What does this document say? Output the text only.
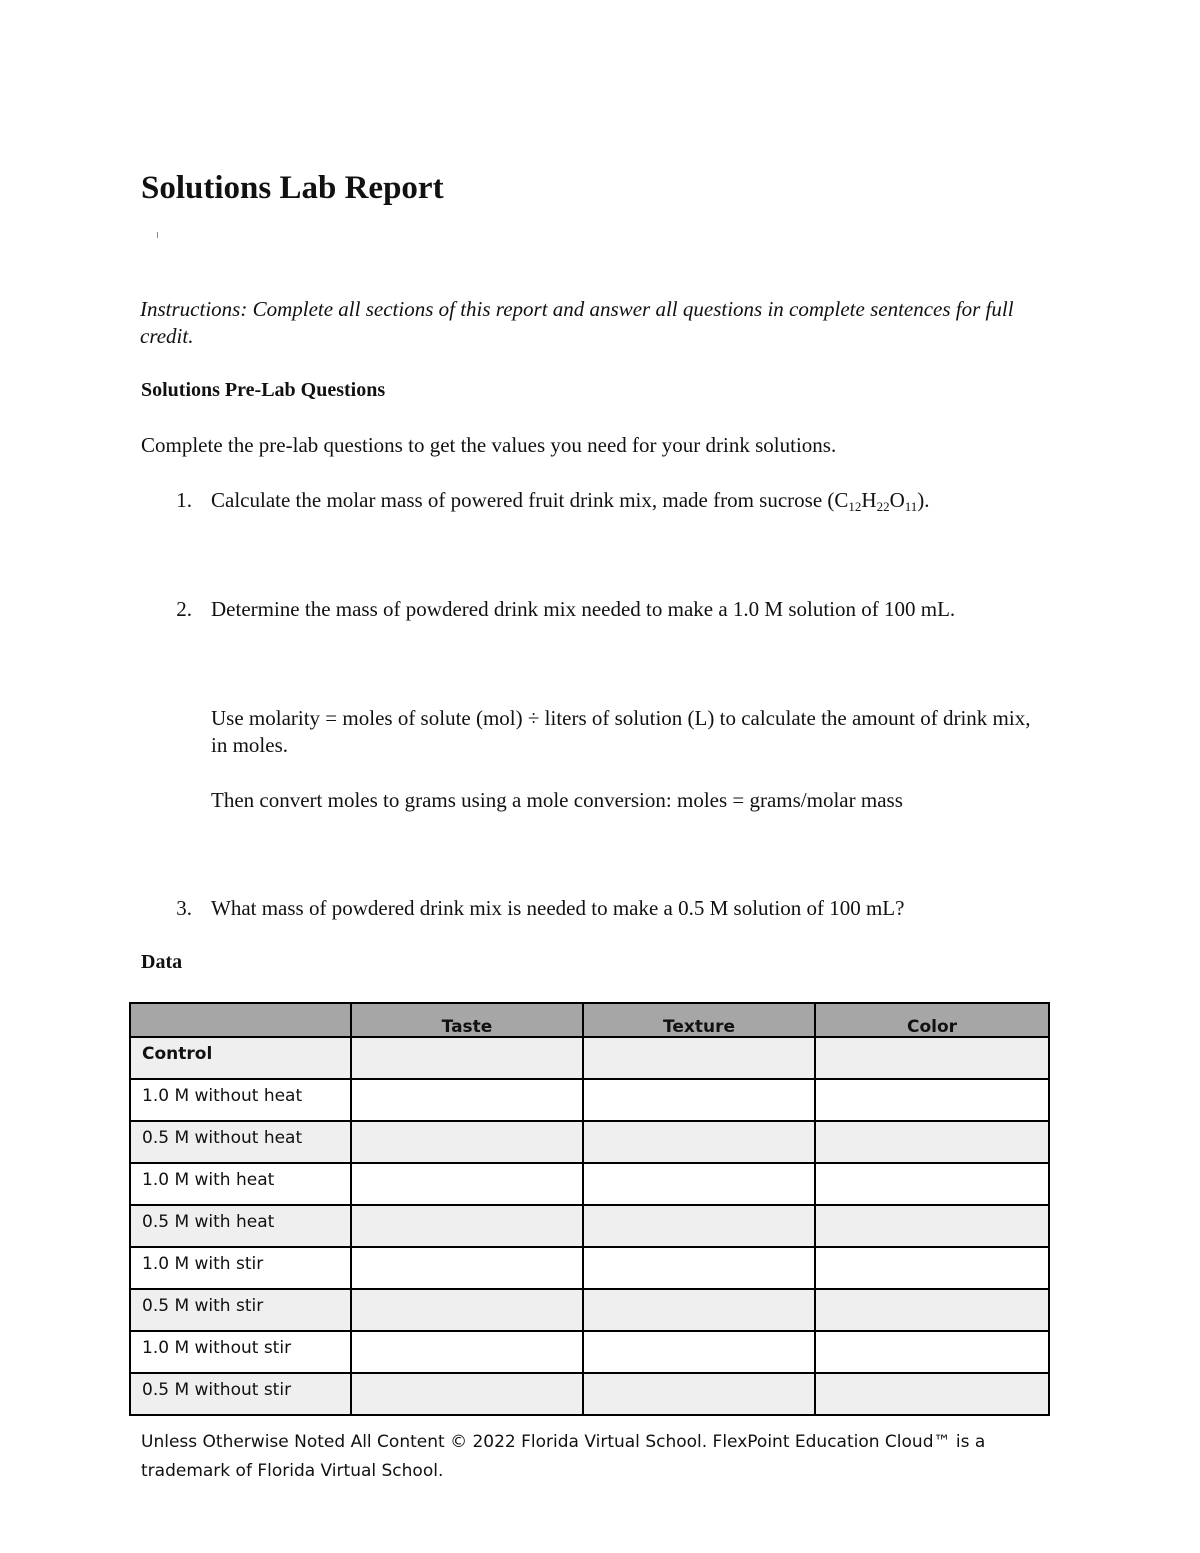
Solutions Lab Report

Instructions: Complete all sections of this report and answer all questions in complete sentences for full credit.

Solutions Pre-Lab Questions

Complete the pre-lab questions to get the values you need for your drink solutions.

1. Calculate the molar mass of powered fruit drink mix, made from sucrose $(C_{12}H_{22}O_{11})$.
2. Determine the mass of powdered drink mix needed to make a 1.0 M solution of 100 mL.

Use molarity = moles of solute (mol) ÷ liters of solution (L) to calculate the amount of drink mix, in moles.

Then convert moles to grams using a mole conversion: moles = grams/molar mass

3. What mass of powdered drink mix is needed to make a 0.5 M solution of 100 mL?
Data
	Taste	Texture	Color
Control			
1.0 M without heat			
0.5 M without heat			
1.0 M with heat			
0.5 M with heat			
1.0 M with stir			
0.5 M with stir			
1.0 M without stir			
0.5 M without stir			

Unless Otherwise Noted All Content © 2022 Florida Virtual School. FlexPoint Education Cloud™ is a trademark of Florida Virtual School.
